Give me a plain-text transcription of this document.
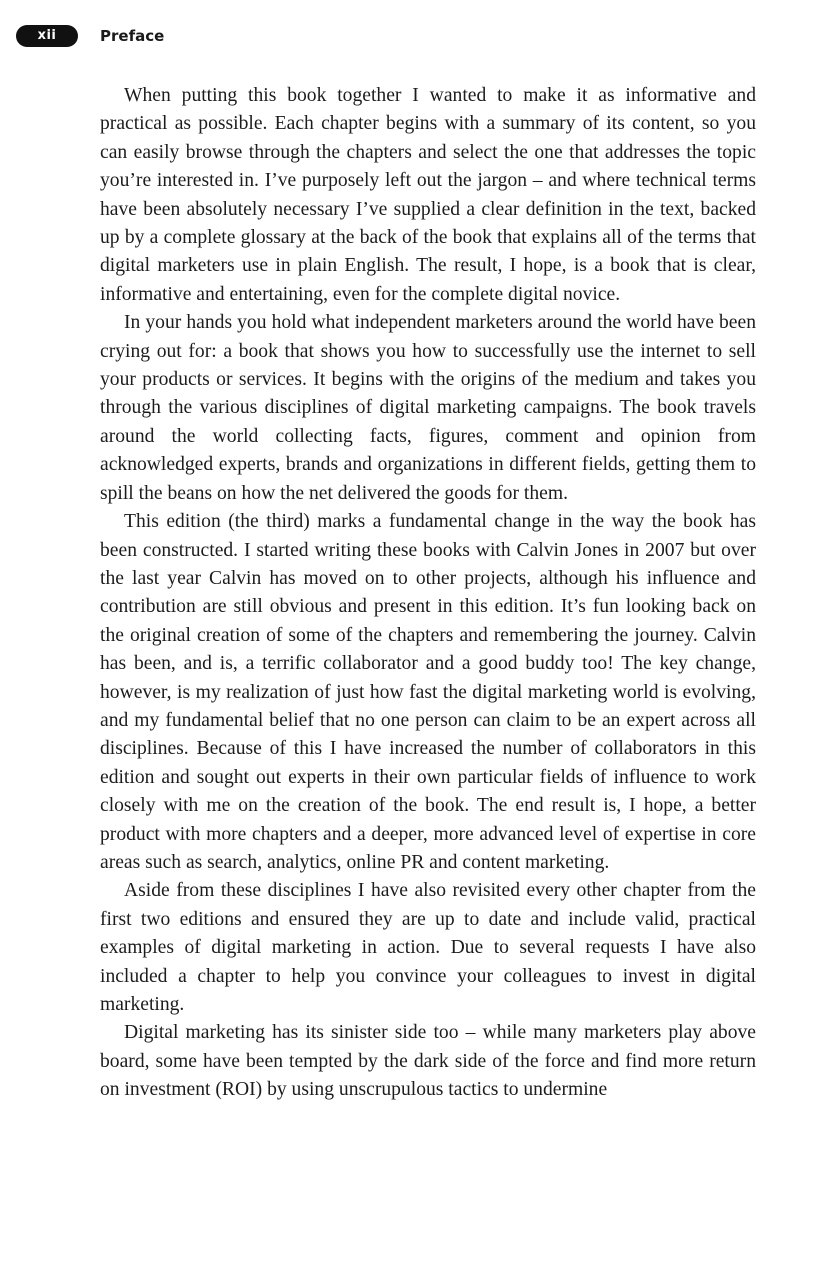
xii	Preface

When putting this book together I wanted to make it as informative and practical as possible. Each chapter begins with a summary of its content, so you can easily browse through the chapters and select the one that addresses the topic you’re interested in. I’ve purposely left out the jargon – and where technical terms have been absolutely necessary I’ve supplied a clear definition in the text, backed up by a complete glossary at the back of the book that explains all of the terms that digital marketers use in plain English. The result, I hope, is a book that is clear, informative and entertaining, even for the complete digital novice.

In your hands you hold what independent marketers around the world have been crying out for: a book that shows you how to successfully use the internet to sell your products or services. It begins with the origins of the medium and takes you through the various disciplines of digital marketing campaigns. The book travels around the world collecting facts, figures, comment and opinion from acknowledged experts, brands and organizations in different fields, getting them to spill the beans on how the net delivered the goods for them.

This edition (the third) marks a fundamental change in the way the book has been constructed. I started writing these books with Calvin Jones in 2007 but over the last year Calvin has moved on to other projects, although his influence and contribution are still obvious and present in this edition. It’s fun looking back on the original creation of some of the chapters and remembering the journey. Calvin has been, and is, a terrific collaborator and a good buddy too! The key change, however, is my realization of just how fast the digital marketing world is evolving, and my fundamental belief that no one person can claim to be an expert across all disciplines. Because of this I have increased the number of collaborators in this edition and sought out experts in their own particular fields of influence to work closely with me on the creation of the book. The end result is, I hope, a better product with more chapters and a deeper, more advanced level of expertise in core areas such as search, analytics, online PR and content marketing.

Aside from these disciplines I have also revisited every other chapter from the first two editions and ensured they are up to date and include valid, practical examples of digital marketing in action. Due to several requests I have also included a chapter to help you convince your colleagues to invest in digital marketing.

Digital marketing has its sinister side too – while many marketers play above board, some have been tempted by the dark side of the force and find more return on investment (ROI) by using unscrupulous tactics to undermine
